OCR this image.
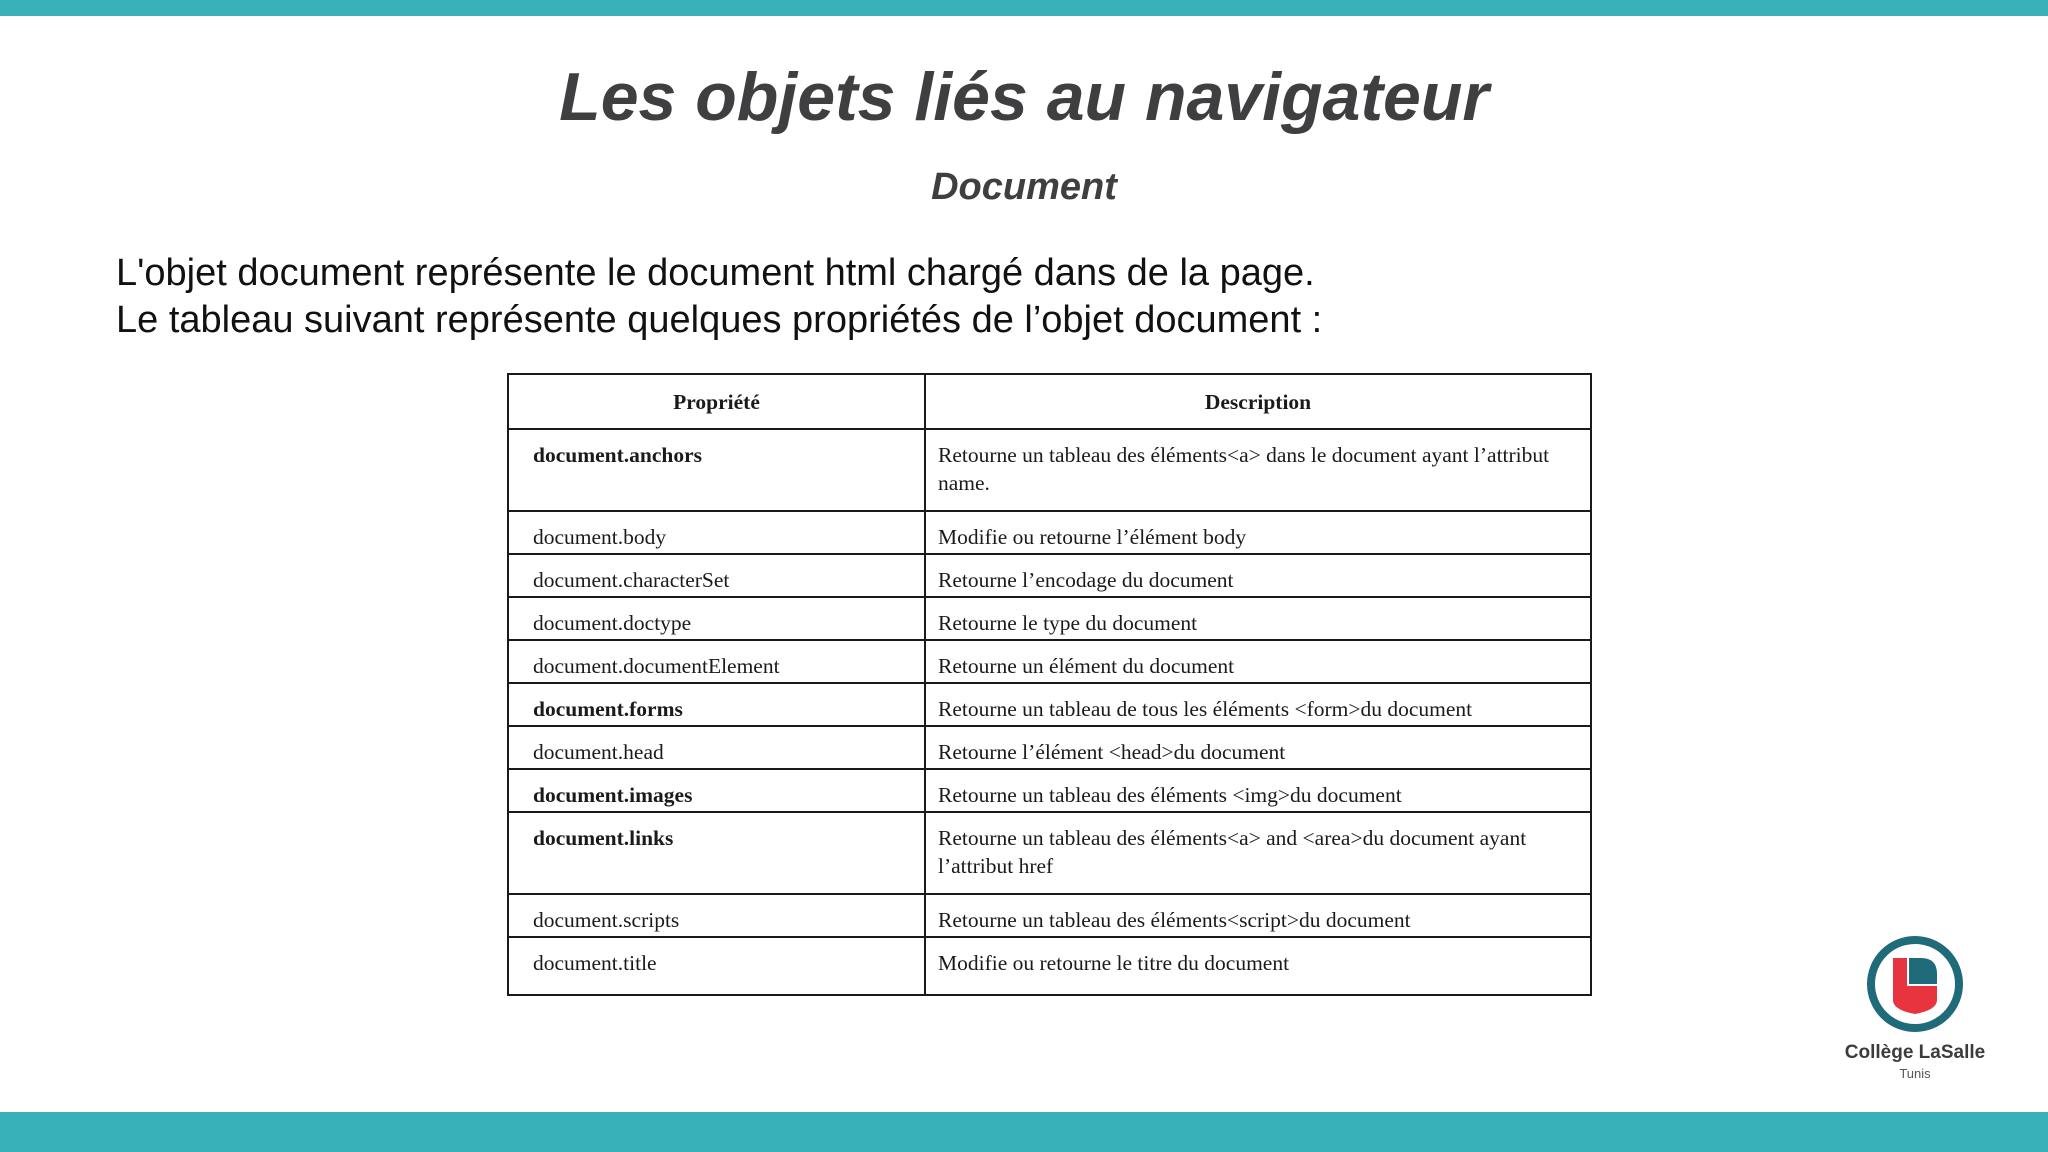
Les objets liés au navigateur
Document

L'objet document représente le document html chargé dans de la page.

Le tableau suivant représente quelques propriétés de l’objet document :

Propriété	Description
document.anchors	Retourne un tableau des éléments<a> dans le document ayant l’attribut name.
document.body	Modifie ou retourne l’élément body
document.characterSet	Retourne l’encodage du document
document.doctype	Retourne le type du document
document.documentElement	Retourne un élément du document
document.forms	Retourne un tableau de tous les éléments <form>du document
document.head	Retourne l’élément <head>du document
document.images	Retourne un tableau des éléments <img>du document
document.links	Retourne un tableau des éléments<a> and <area>du document ayant l’attribut href
document.scripts	Retourne un tableau des éléments<script>du document
document.title	Modifie ou retourne le titre du document
Collège LaSalle
Tunis
